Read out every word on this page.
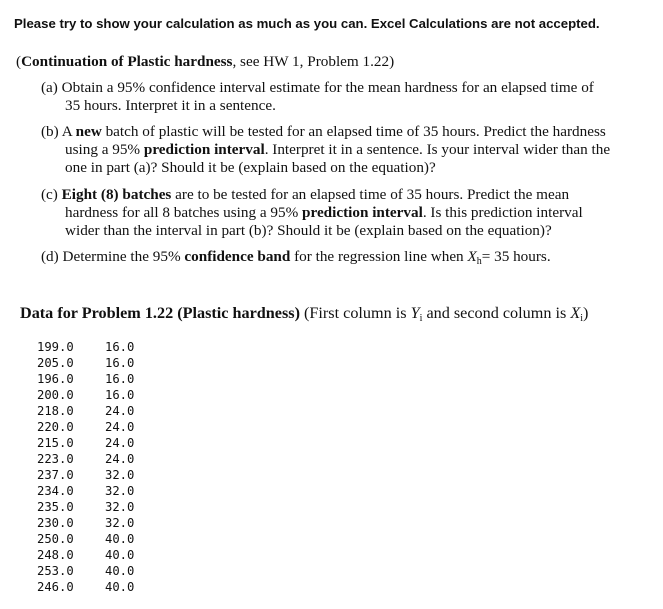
Please try to show your calculation as much as you can. Excel Calculations are not accepted.
(Continuation of Plastic hardness, see HW 1, Problem 1.22)
(a) Obtain a 95% confidence interval estimate for the mean hardness for an elapsed time of
35 hours. Interpret it in a sentence.
(b) A new batch of plastic will be tested for an elapsed time of 35 hours. Predict the hardness
using a 95% prediction interval. Interpret it in a sentence. Is your interval wider than the
one in part (a)? Should it be (explain based on the equation)?
(c) Eight (8) batches are to be tested for an elapsed time of 35 hours. Predict the mean
hardness for all 8 batches using a 95% prediction interval. Is this prediction interval
wider than the interval in part (b)? Should it be (explain based on the equation)?
(d) Determine the 95% confidence band for the regression line when $X_h= 35$ hours.
Data for Problem 1.22 (Plastic hardness) (First column is $Y_i$ and second column is $X_i$)
199.0	16.0
205.0	16.0
196.0	16.0
200.0	16.0
218.0	24.0
220.0	24.0
215.0	24.0
223.0	24.0
237.0	32.0
234.0	32.0
235.0	32.0
230.0	32.0
250.0	40.0
248.0	40.0
253.0	40.0
246.0	40.0
